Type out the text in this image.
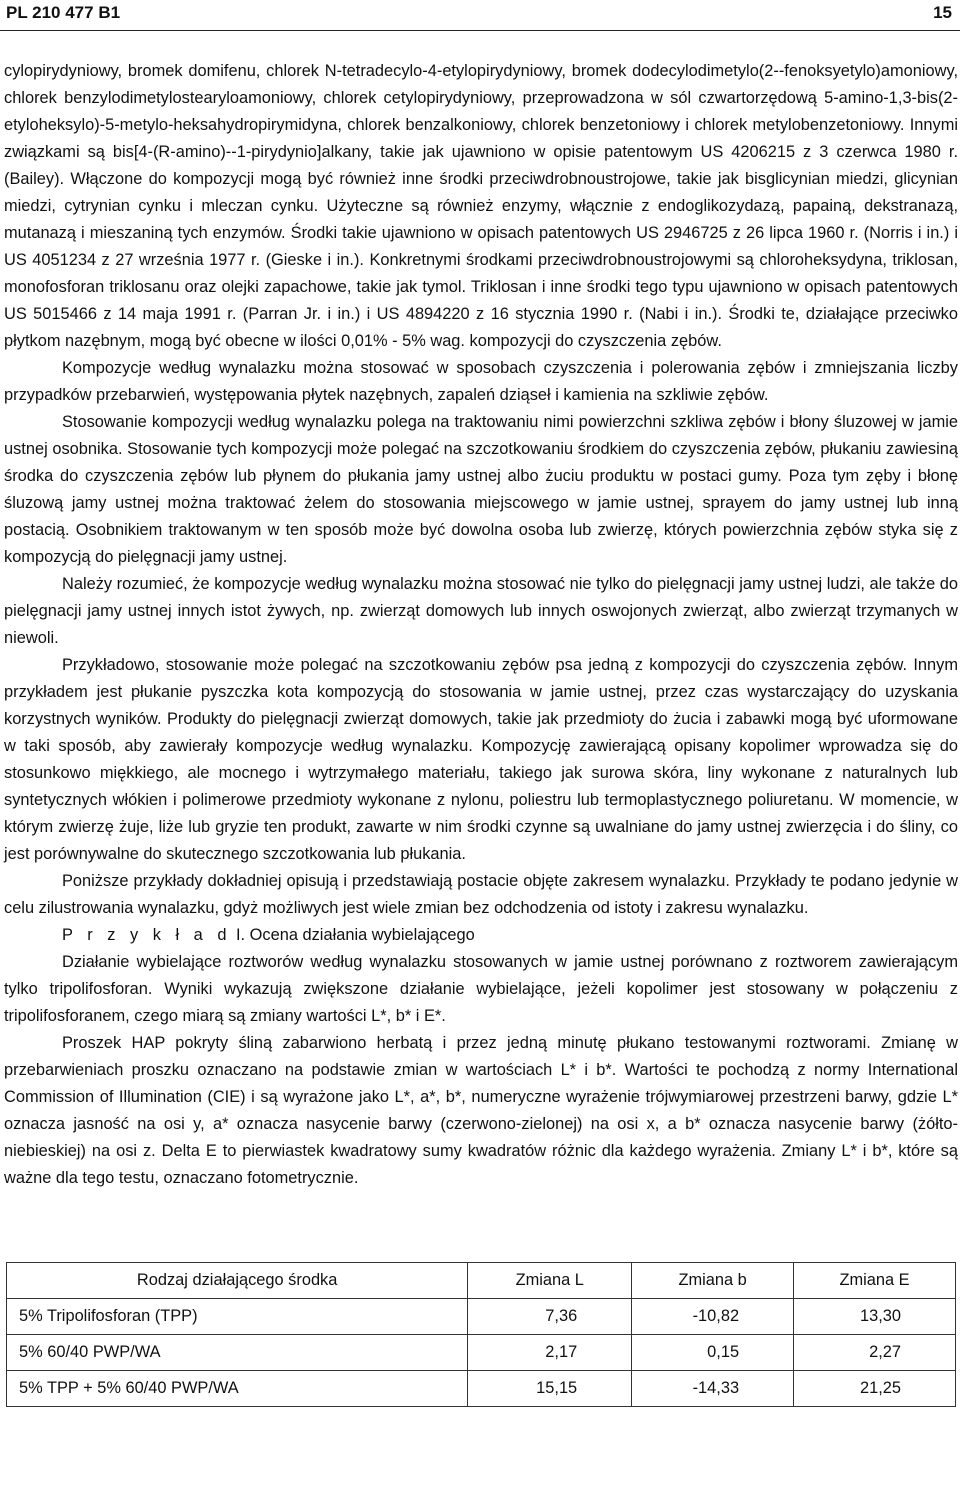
PL 210 477 B1	15

cylopirydyniowy, bromek domifenu, chlorek N-tetradecylo-4-etylopirydyniowy, bromek dodecylodimetylo(2--fenoksyetylo)amoniowy, chlorek benzylodimetylostearyloamoniowy, chlorek cetylopirydyniowy, przeprowadzona w sól czwartorzędową 5-amino-1,3-bis(2-etyloheksylo)-5-metylo-heksahydropirymidyna, chlorek benzalkoniowy, chlorek benzetoniowy i chlorek metylobenzetoniowy. Innymi związkami są bis[4-(R-amino)--1-pirydynio]alkany, takie jak ujawniono w opisie patentowym US 4206215 z 3 czerwca 1980 r. (Bailey). Włączone do kompozycji mogą być również inne środki przeciwdrobnoustrojowe, takie jak bisglicynian miedzi, glicynian miedzi, cytrynian cynku i mleczan cynku. Użyteczne są również enzymy, włącznie z endoglikozydazą, papainą, dekstranazą, mutanazą i mieszaniną tych enzymów. Środki takie ujawniono w opisach patentowych US 2946725 z 26 lipca 1960 r. (Norris i in.) i US 4051234 z 27 września 1977 r. (Gieske i in.). Konkretnymi środkami przeciwdrobnoustrojowymi są chloroheksydyna, triklosan, monofosforan triklosanu oraz olejki zapachowe, takie jak tymol. Triklosan i inne środki tego typu ujawniono w opisach patentowych US 5015466 z 14 maja 1991 r. (Parran Jr. i in.) i US 4894220 z 16 stycznia 1990 r. (Nabi i in.). Środki te, działające przeciwko płytkom nazębnym, mogą być obecne w ilości 0,01% - 5% wag. kompozycji do czyszczenia zębów.

Kompozycje według wynalazku można stosować w sposobach czyszczenia i polerowania zębów i zmniejszania liczby przypadków przebarwień, występowania płytek nazębnych, zapaleń dziąseł i kamienia na szkliwie zębów.

Stosowanie kompozycji według wynalazku polega na traktowaniu nimi powierzchni szkliwa zębów i błony śluzowej w jamie ustnej osobnika. Stosowanie tych kompozycji może polegać na szczotkowaniu środkiem do czyszczenia zębów, płukaniu zawiesiną środka do czyszczenia zębów lub płynem do płukania jamy ustnej albo żuciu produktu w postaci gumy. Poza tym zęby i błonę śluzową jamy ustnej można traktować żelem do stosowania miejscowego w jamie ustnej, sprayem do jamy ustnej lub inną postacią. Osobnikiem traktowanym w ten sposób może być dowolna osoba lub zwierzę, których powierzchnia zębów styka się z kompozycją do pielęgnacji jamy ustnej.

Należy rozumieć, że kompozycje według wynalazku można stosować nie tylko do pielęgnacji jamy ustnej ludzi, ale także do pielęgnacji jamy ustnej innych istot żywych, np. zwierząt domowych lub innych oswojonych zwierząt, albo zwierząt trzymanych w niewoli.

Przykładowo, stosowanie może polegać na szczotkowaniu zębów psa jedną z kompozycji do czyszczenia zębów. Innym przykładem jest płukanie pyszczka kota kompozycją do stosowania w jamie ustnej, przez czas wystarczający do uzyskania korzystnych wyników. Produkty do pielęgnacji zwierząt domowych, takie jak przedmioty do żucia i zabawki mogą być uformowane w taki sposób, aby zawierały kompozycje według wynalazku. Kompozycję zawierającą opisany kopolimer wprowadza się do stosunkowo miękkiego, ale mocnego i wytrzymałego materiału, takiego jak surowa skóra, liny wykonane z naturalnych lub syntetycznych włókien i polimerowe przedmioty wykonane z nylonu, poliestru lub termoplastycznego poliuretanu. W momencie, w którym zwierzę żuje, liże lub gryzie ten produkt, zawarte w nim środki czynne są uwalniane do jamy ustnej zwierzęcia i do śliny, co jest porównywalne do skutecznego szczotkowania lub płukania.

Poniższe przykłady dokładniej opisują i przedstawiają postacie objęte zakresem wynalazku. Przykłady te podano jedynie w celu zilustrowania wynalazku, gdyż możliwych jest wiele zmian bez odchodzenia od istoty i zakresu wynalazku.

P r z y k ł a d I. Ocena działania wybielającego

Działanie wybielające roztworów według wynalazku stosowanych w jamie ustnej porównano z roztworem zawierającym tylko tripolifosforan. Wyniki wykazują zwiększone działanie wybielające, jeżeli kopolimer jest stosowany w połączeniu z tripolifosforanem, czego miarą są zmiany wartości L*, b* i E*.

Proszek HAP pokryty śliną zabarwiono herbatą i przez jedną minutę płukano testowanymi roztworami. Zmianę w przebarwieniach proszku oznaczano na podstawie zmian w wartościach L* i b*. Wartości te pochodzą z normy International Commission of Illumination (CIE) i są wyrażone jako L*, a*, b*, numeryczne wyrażenie trójwymiarowej przestrzeni barwy, gdzie L* oznacza jasność na osi y, a* oznacza nasycenie barwy (czerwono-zielonej) na osi x, a b* oznacza nasycenie barwy (żółto-niebieskiej) na osi z. Delta E to pierwiastek kwadratowy sumy kwadratów różnic dla każdego wyrażenia. Zmiany L* i b*, które są ważne dla tego testu, oznaczano fotometrycznie.

Rodzaj działającego środka	Zmiana L	Zmiana b	Zmiana E
5% Tripolifosforan (TPP)	7,36	-10,82	13,30
5% 60/40 PWP/WA	2,17	0,15	2,27
5% TPP + 5% 60/40 PWP/WA	15,15	-14,33	21,25
